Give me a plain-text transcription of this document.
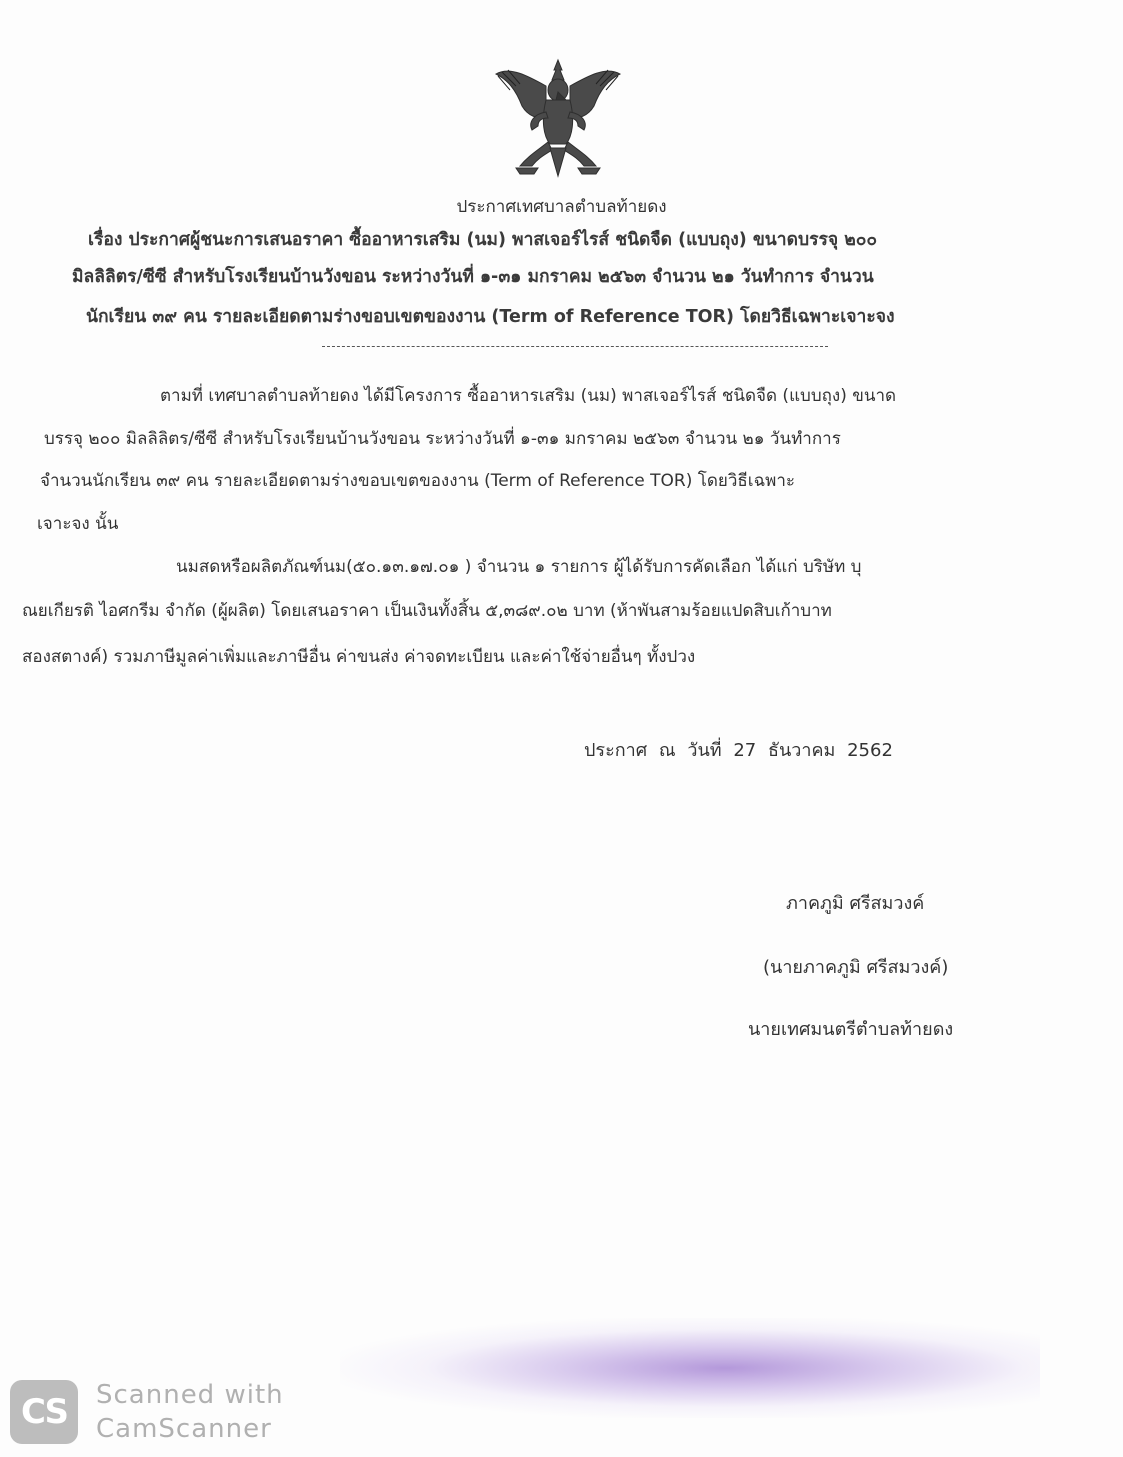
ประกาศเทศบาลตำบลท้ายดง
เรื่อง ประกาศผู้ชนะการเสนอราคา ซื้ออาหารเสริม (นม) พาสเจอร์ไรส์ ชนิดจืด (แบบถุง) ขนาดบรรจุ ๒๐๐
มิลลิลิตร/ซีซี สำหรับโรงเรียนบ้านวังขอน ระหว่างวันที่ ๑-๓๑ มกราคม ๒๕๖๓ จำนวน ๒๑ วันทำการ จำนวน
นักเรียน ๓๙ คน รายละเอียดตามร่างขอบเขตของงาน (Term of Reference TOR) โดยวิธีเฉพาะเจาะจง
ตามที่ เทศบาลตำบลท้ายดง ได้มีโครงการ ซื้ออาหารเสริม (นม) พาสเจอร์ไรส์ ชนิดจืด (แบบถุง) ขนาด
บรรจุ ๒๐๐ มิลลิลิตร/ซีซี สำหรับโรงเรียนบ้านวังขอน ระหว่างวันที่ ๑-๓๑ มกราคม ๒๕๖๓ จำนวน ๒๑ วันทำการ
จำนวนนักเรียน ๓๙ คน รายละเอียดตามร่างขอบเขตของงาน (Term of Reference TOR) โดยวิธีเฉพาะ
เจาะจง นั้น
นมสดหรือผลิตภัณฑ์นม(๕๐.๑๓.๑๗.๐๑ ) จำนวน ๑ รายการ ผู้ได้รับการคัดเลือก ได้แก่ บริษัท บุ
ณยเกียรติ ไอศกรีม จำกัด (ผู้ผลิต) โดยเสนอราคา เป็นเงินทั้งสิ้น ๕,๓๘๙.๐๒ บาท (ห้าพันสามร้อยแปดสิบเก้าบาท
สองสตางค์) รวมภาษีมูลค่าเพิ่มและภาษีอื่น ค่าขนส่ง ค่าจดทะเบียน และค่าใช้จ่ายอื่นๆ ทั้งปวง
ประกาศ ณ วันที่ 27 ธันวาคม 2562
ภาคภูมิ ศรีสมวงค์
(นายภาคภูมิ ศรีสมวงค์)
นายเทศมนตรีตำบลท้ายดง
CS	Scanned with
CamScanner
